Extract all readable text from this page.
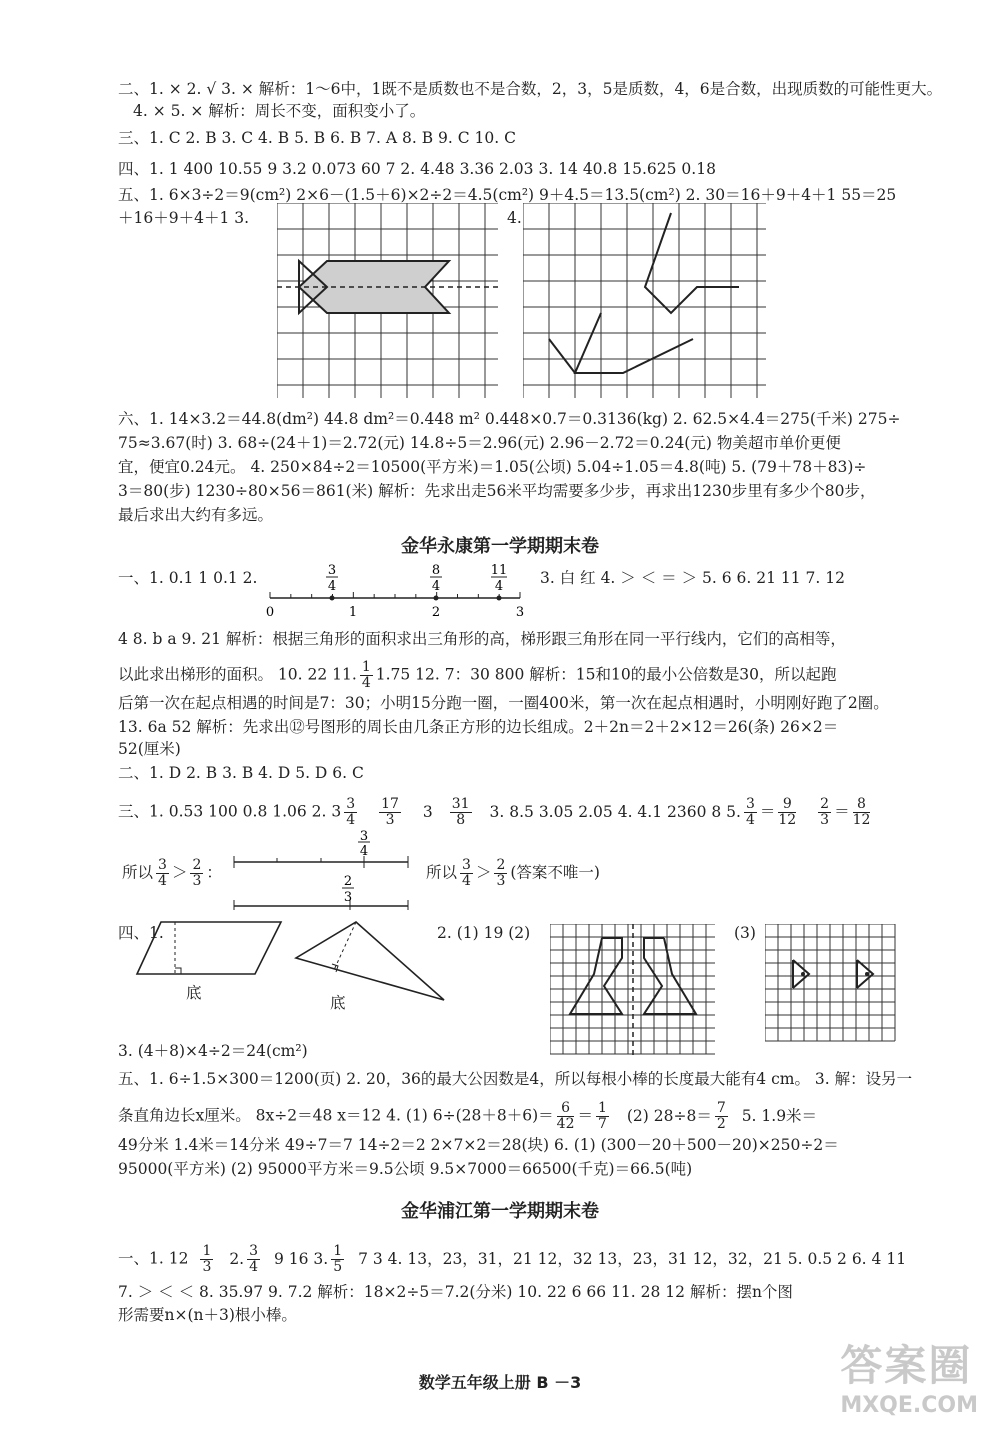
二、1. × 2. √ 3. × 解析：1～6中，1既不是质数也不是合数，2，3，5是质数，4，6是合数，出现质数的可能性更大。
4. × 5. × 解析：周长不变，面积变小了。
三、1. C 2. B 3. C 4. B 5. B 6. B 7. A 8. B 9. C 10. C
四、1. 1 400 10.55 9 3.2 0.073 60 7 2. 4.48 3.36 2.03 3. 14 40.8 15.625 0.18
五、1. 6×3÷2＝9(cm²) 2×6－(1.5＋6)×2÷2＝4.5(cm²) 9＋4.5＝13.5(cm²) 2. 30＝16＋9＋4＋1 55＝25
＋16＋9＋4＋1 3.	4.
六、1. 14×3.2＝44.8(dm²) 44.8 dm²＝0.448 m² 0.448×0.7＝0.3136(kg) 2. 62.5×4.4＝275(千米) 275÷
75≈3.67(时) 3. 68÷(24＋1)＝2.72(元) 14.8÷5＝2.96(元) 2.96－2.72＝0.24(元) 物美超市单价更便
宜，便宜0.24元。 4. 250×84÷2＝10500(平方米)＝1.05(公顷) 5.04÷1.05＝4.8(吨) 5. (79＋78＋83)÷
3＝80(步) 1230÷80×56＝861(米) 解析：先求出走56米平均需要多少步，再求出1230步里有多少个80步，
最后求出大约有多远。
金华永康第一学期期末卷
一、1. 0.1 1 0.1 2.
0	1	2	3
3
4
8
4
11
4 3. 白 红 4. ＞ ＜ ＝ ＞ 5. 6 6. 21 11 7. 12
4 8. b a 9. 21 解析：根据三角形的面积求出三角形的高，梯形跟三角形在同一平行线内，它们的高相等，
以此求出梯形的面积。 10. 22 11. $\frac{1}{4} 1.75$ 12. 7：30 800 解析：15和10的最小公倍数是30，所以起跑
后第一次在起点相遇的时间是7：30；小明15分跑一圈，一圈400米，第一次在起点相遇时，小明刚好跑了2圈。
13. 6a 52 解析：先求出⑫号图形的周长由几条正方形的边长组成。2＋2n＝2＋2×12＝26(条) 26×2＝
52(厘米)
二、1. D 2. B 3. B 4. D 5. D 6. C
三、1. 0.53 100 0.8 1.06 2. $3 \frac{3}{4}$
$\frac{17}{3} 3 \frac{31}{8} 3$. 8.5 3.05 2.05 4. 4.1 2360 8 5. $\frac{3}{4} = \frac{9}{12}$
$\frac{2}{3} = \frac{8}{12}$
所以 $\frac{3}{4} > \frac{2}{3}$ ：
3
4
2
3
所以 $\frac{3}{4} > \frac{2}{3}$ (答案不唯一)
四、1.
底
底
2. (1) 19 (2)	(3)
3. (4＋8)×4÷2＝24(cm²)
五、1. 6÷1.5×300＝1200(页) 2. 20，36的最大公因数是4，所以每根小棒的长度最大能有4 cm。 3. 解：设另一
条直角边长x厘米。 8x÷2＝48 x＝12 4. (1) $6\div(28+8+6)= \frac{6}{42} = \frac{1}{7} (2)$ $28\div 8= \frac{7}{2} 5$. 1.9米＝
49分米 1.4米＝14分米 49÷7＝7 14÷2＝2 2×7×2＝28(块) 6. (1) (300－20＋500－20)×250÷2＝
95000(平方米) (2) 95000平方米＝9.5公顷 9.5×7000＝66500(千克)＝66.5(吨)
金华浦江第一学期期末卷
一、1. $12 \frac{1}{3} 2$. $\frac{3}{4} 9$ 16 3. $\frac{1}{5} 7$ 3 4. 13，23，31，21 12，32 13，23，31 12，32，21 5. 0.5 2 6. 4 11
7. ＞ ＜ ＜ 8. 35.97 9. 7.2 解析：18×2÷5＝7.2(分米) 10. 22 6 66 11. 28 12 解析：摆n个图
形需要n×(n＋3)根小棒。
数学五年级上册 B －3	答案圈
MXQE.COM
